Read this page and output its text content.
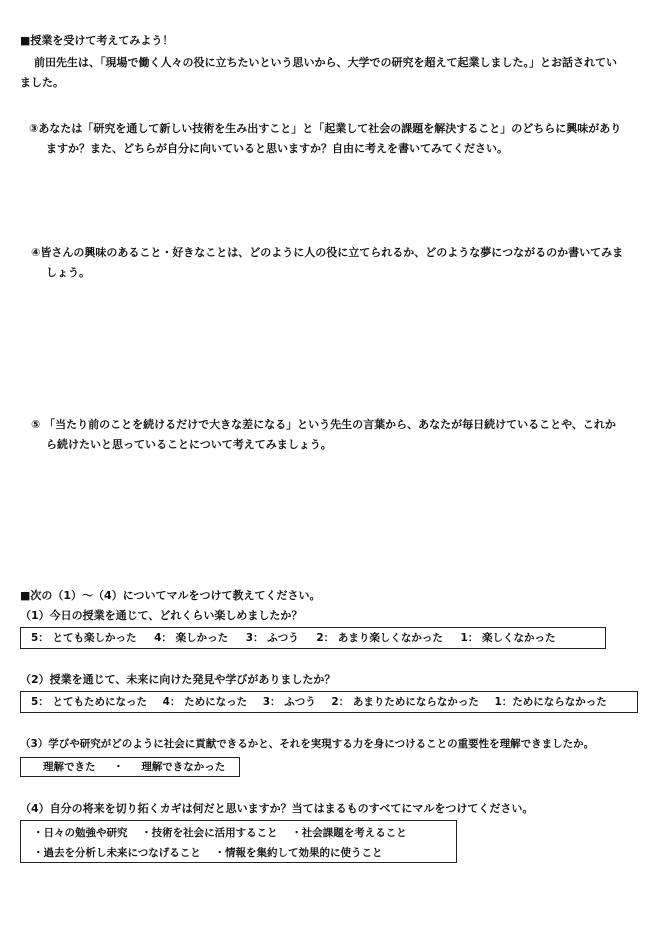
■授業を受けて考えてみよう！
前田先生は、「現場で働く人々の役に立ちたいという思いから、大学での研究を超えて起業しました。」とお話されてい
ました。
③あなたは「研究を通して新しい技術を生み出すこと」と「起業して社会の課題を解決すること」のどちらに興味があり
ますか？また、どちらが自分に向いていると思いますか？自由に考えを書いてみてください。
④皆さんの興味のあること・好きなことは、どのように人の役に立てられるか、どのような夢につながるのか書いてみま
しょう。
⑤ 「当たり前のことを続けるだけで大きな差になる」という先生の言葉から、あなたが毎日続けていることや、これか
ら続けたいと思っていることについて考えてみましょう。
■次の（1）～（4）についてマルをつけて教えてください。
（1）今日の授業を通じて、どれくらい楽しめましたか？
5： とても楽しかった 4： 楽しかった 3： ふつう 2： あまり楽しくなかった 1： 楽しくなかった
（2）授業を通じて、未来に向けた発見や学びがありましたか？
5： とてもためになった 4： ためになった 3： ふつう 2： あまりためにならなかった 1：ためにならなかった
（3）学びや研究がどのように社会に貢献できるかと、それを実現する力を身につけることの重要性を理解できましたか。
理解できた ・ 理解できなかった
（4）自分の将来を切り拓くカギは何だと思いますか？当てはまるものすべてにマルをつけてください。
・日々の勉強や研究 ・技術を社会に活用すること ・社会課題を考えること
・過去を分析し未来につなげること ・情報を集約して効果的に使うこと
